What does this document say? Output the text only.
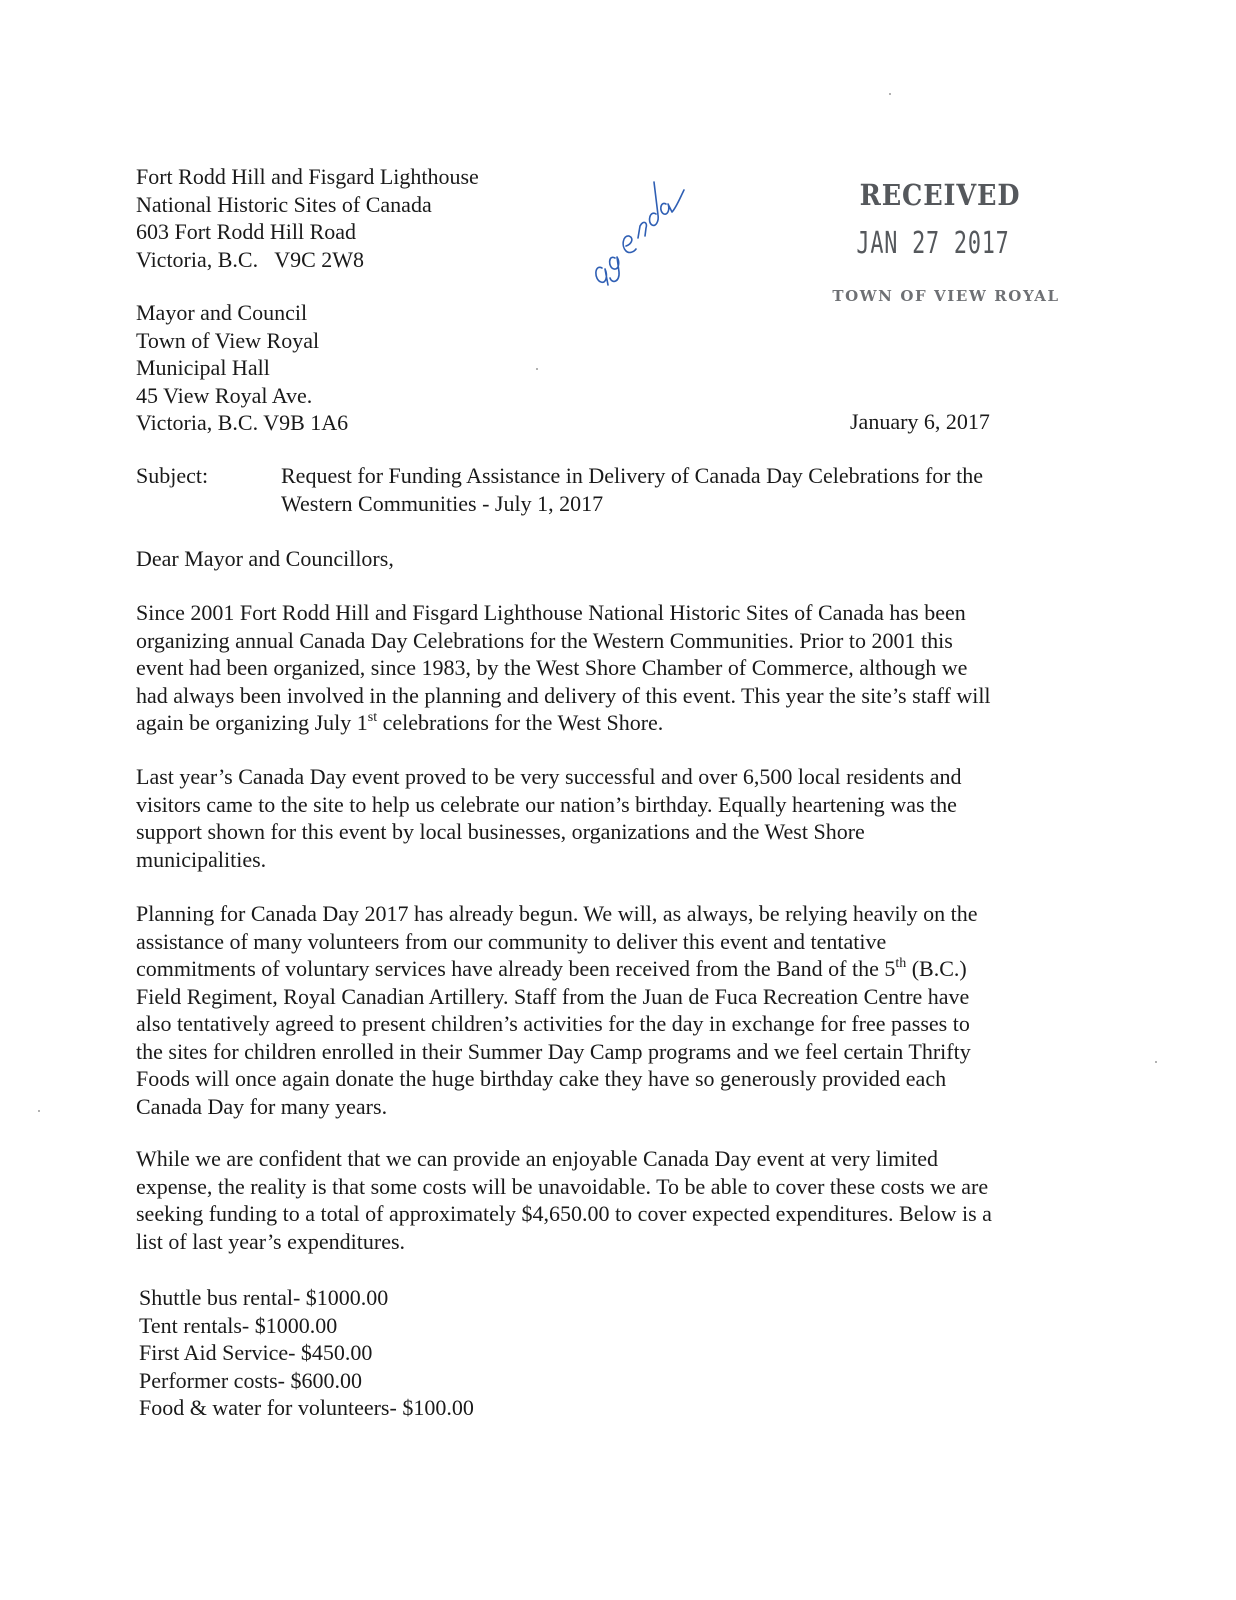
Fort Rodd Hill and Fisgard Lighthouse
National Historic Sites of Canada
603 Fort Rodd Hill Road
Victoria, B.C.   V9C 2W8
RECEIVED
JAN 27 2017
TOWN OF VIEW ROYAL
Mayor and Council
Town of View Royal
Municipal Hall
45 View Royal Ave.
Victoria, B.C. V9B 1A6	January 6, 2017
Subject:	Request for Funding Assistance in Delivery of Canada Day Celebrations for the
Western Communities - July 1, 2017
Dear Mayor and Councillors,
Since 2001 Fort Rodd Hill and Fisgard Lighthouse National Historic Sites of Canada has been
organizing annual Canada Day Celebrations for the Western Communities. Prior to 2001 this
event had been organized, since 1983, by the West Shore Chamber of Commerce, although we
had always been involved in the planning and delivery of this event. This year the site’s staff will
again be organizing July 1st celebrations for the West Shore.
Last year’s Canada Day event proved to be very successful and over 6,500 local residents and
visitors came to the site to help us celebrate our nation’s birthday. Equally heartening was the
support shown for this event by local businesses, organizations and the West Shore
municipalities.
Planning for Canada Day 2017 has already begun. We will, as always, be relying heavily on the
assistance of many volunteers from our community to deliver this event and tentative
commitments of voluntary services have already been received from the Band of the 5th (B.C.)
Field Regiment, Royal Canadian Artillery. Staff from the Juan de Fuca Recreation Centre have
also tentatively agreed to present children’s activities for the day in exchange for free passes to
the sites for children enrolled in their Summer Day Camp programs and we feel certain Thrifty
Foods will once again donate the huge birthday cake they have so generously provided each
Canada Day for many years.
While we are confident that we can provide an enjoyable Canada Day event at very limited
expense, the reality is that some costs will be unavoidable. To be able to cover these costs we are
seeking funding to a total of approximately $4,650.00 to cover expected expenditures. Below is a
list of last year’s expenditures.
Shuttle bus rental- $1000.00
Tent rentals- $1000.00
First Aid Service- $450.00
Performer costs- $600.00
Food & water for volunteers- $100.00
